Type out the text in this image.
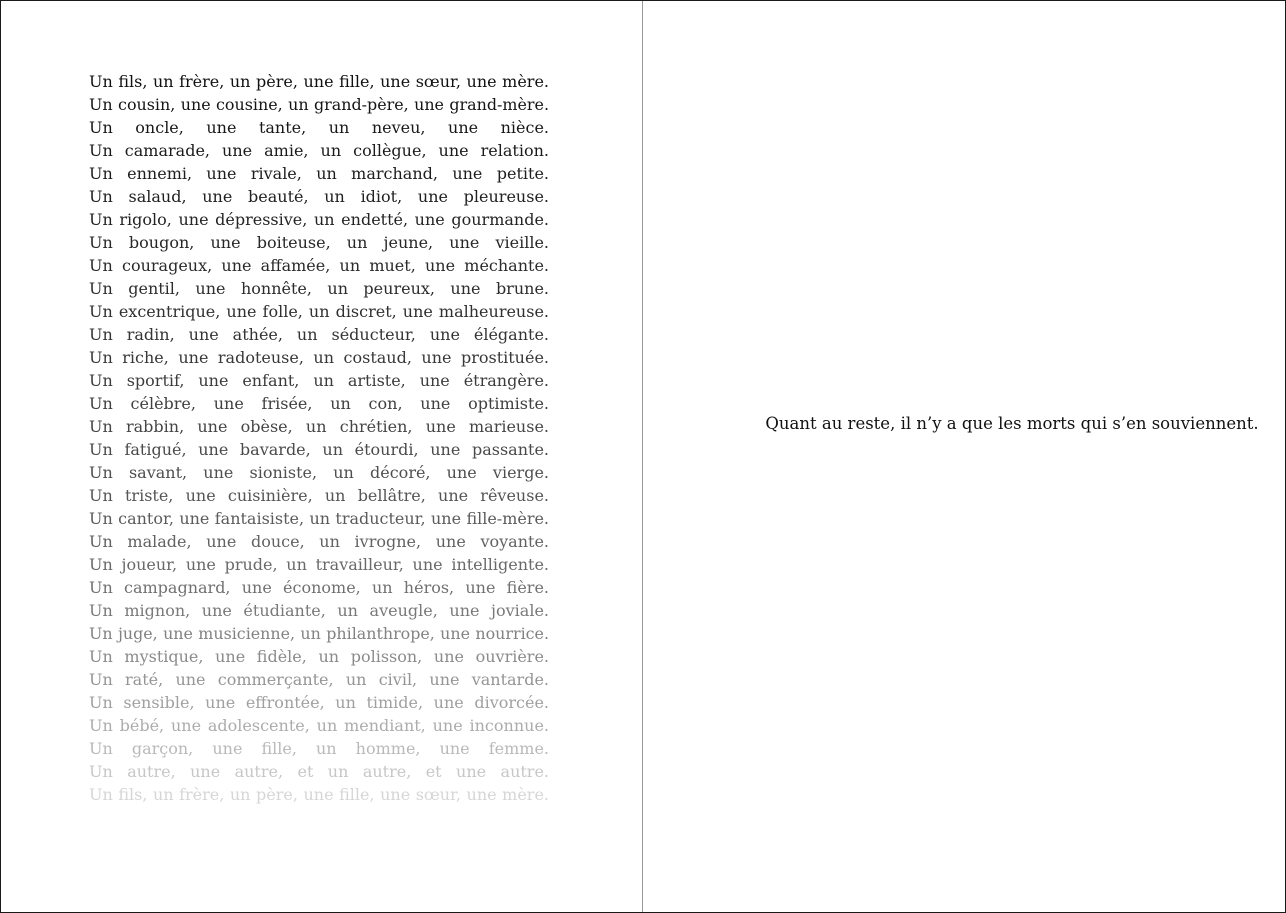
Un fils, un frère, un père, une fille, une sœur, une mère.
Un cousin, une cousine, un grand-père, une grand-mère.
Un oncle, une tante, un neveu, une nièce.
Un camarade, une amie, un collègue, une relation.
Un ennemi, une rivale, un marchand, une petite.
Un salaud, une beauté, un idiot, une pleureuse.
Un rigolo, une dépressive, un endetté, une gourmande.
Un bougon, une boiteuse, un jeune, une vieille.
Un courageux, une affamée, un muet, une méchante.
Un gentil, une honnête, un peureux, une brune.
Un excentrique, une folle, un discret, une malheureuse.
Un radin, une athée, un séducteur, une élégante.
Un riche, une radoteuse, un costaud, une prostituée.
Un sportif, une enfant, un artiste, une étrangère.
Un célèbre, une frisée, un con, une optimiste.
Un rabbin, une obèse, un chrétien, une marieuse.
Un fatigué, une bavarde, un étourdi, une passante.
Un savant, une sioniste, un décoré, une vierge.
Un triste, une cuisinière, un bellâtre, une rêveuse.
Un cantor, une fantaisiste, un traducteur, une fille-mère.
Un malade, une douce, un ivrogne, une voyante.
Un joueur, une prude, un travailleur, une intelligente.
Un campagnard, une économe, un héros, une fière.
Un mignon, une étudiante, un aveugle, une joviale.
Un juge, une musicienne, un philanthrope, une nourrice.
Un mystique, une fidèle, un polisson, une ouvrière.
Un raté, une commerçante, un civil, une vantarde.
Un sensible, une effrontée, un timide, une divorcée.
Un bébé, une adolescente, un mendiant, une inconnue.
Un garçon, une fille, un homme, une femme.
Un autre, une autre, et un autre, et une autre.
Un fils, un frère, un père, une fille, une sœur, une mère.

Quant au reste, il n’y a que les morts qui s’en souviennent.
